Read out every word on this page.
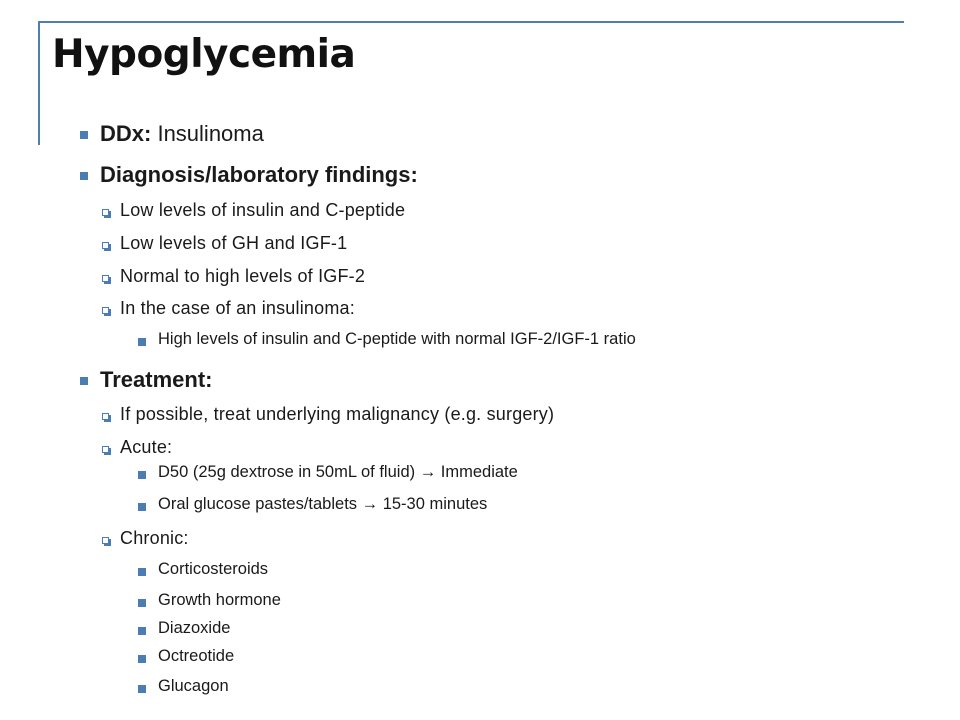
Hypoglycemia
DDx: Insulinoma
Diagnosis/laboratory findings:
Low levels of insulin and C-peptide
Low levels of GH and IGF-1
Normal to high levels of IGF-2
In the case of an insulinoma:
High levels of insulin and C-peptide with normal IGF-2/IGF-1 ratio
Treatment:
If possible, treat underlying malignancy (e.g. surgery)
Acute:
D50 (25g dextrose in 50mL of fluid) → Immediate
Oral glucose pastes/tablets → 15-30 minutes
Chronic:
Corticosteroids
Growth hormone
Diazoxide
Octreotide
Glucagon
